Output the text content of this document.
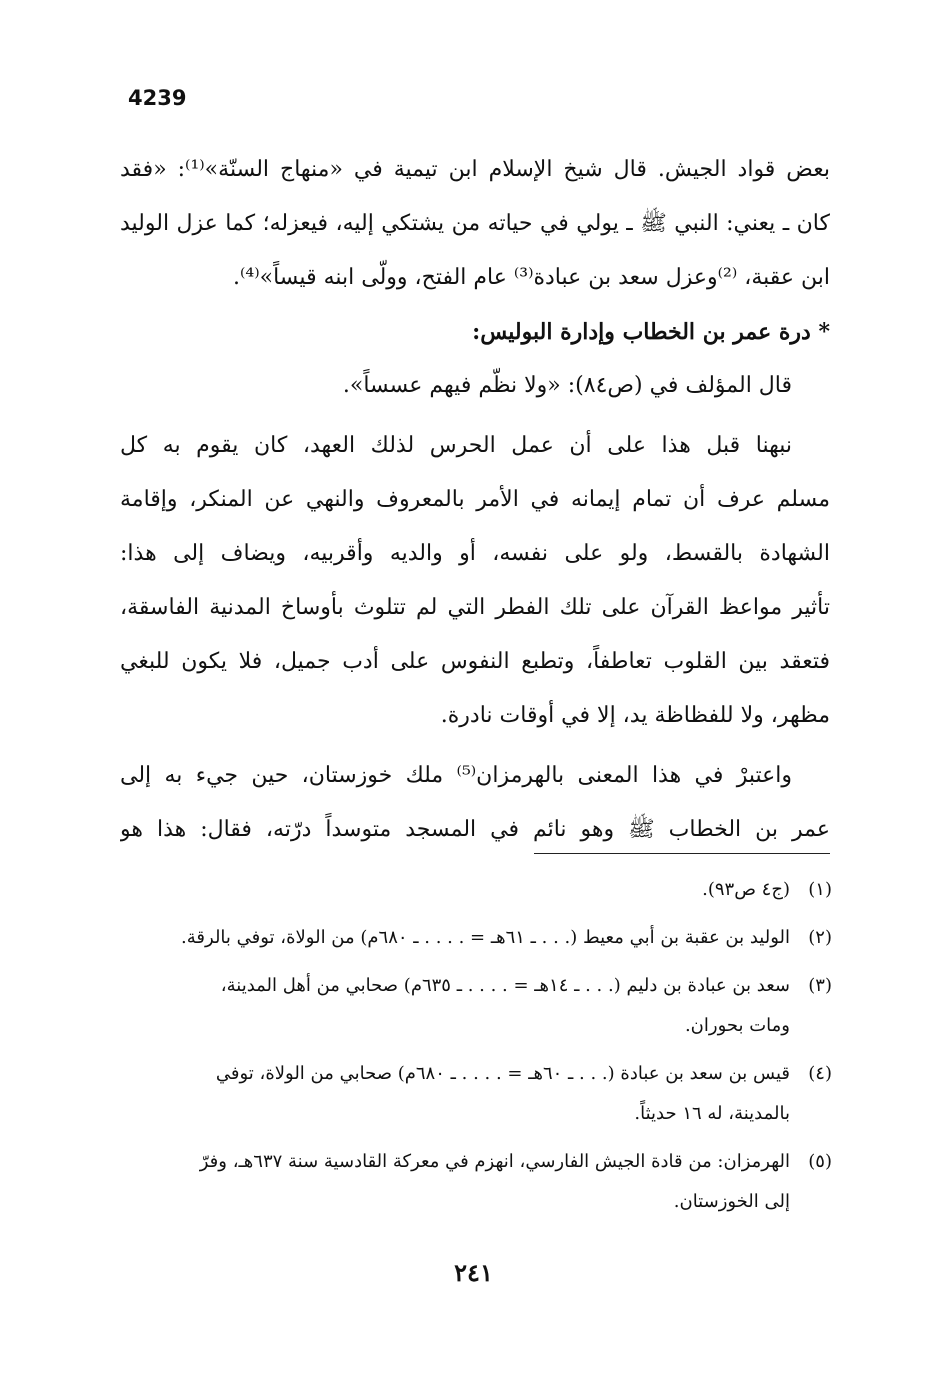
4239
بعض قواد الجيش. قال شيخ الإسلام ابن تيمية في «منهاج السنّة»⁽¹⁾: «فقد
كان ـ يعني: النبي ﷺ ـ يولي في حياته من يشتكي إليه، فيعزله؛ كما عزل الوليد
ابن عقبة، ⁽²⁾وعزل سعد بن عبادة⁽³⁾ عام الفتح، وولّى ابنه قيساً»⁽⁴⁾.
* درة عمر بن الخطاب وإدارة البوليس:
قال المؤلف في (ص٨٤): «ولا نظّم فيهم عسساً».
نبهنا قبل هذا على أن عمل الحرس لذلك العهد، كان يقوم به كل
مسلم عرف أن تمام إيمانه في الأمر بالمعروف والنهي عن المنكر، وإقامة
الشهادة بالقسط، ولو على نفسه، أو والديه وأقربيه، ويضاف إلى هذا:
تأثير مواعظ القرآن على تلك الفطر التي لم تتلوث بأوساخ المدنية الفاسقة،
فتعقد بين القلوب تعاطفاً، وتطبع النفوس على أدب جميل، فلا يكون للبغي
مظهر، ولا للفظاظة يد، إلا في أوقات نادرة.
واعتبرْ في هذا المعنى بالهرمزان⁽⁵⁾ ملك خوزستان، حين جيء به إلى
عمر بن الخطاب ﷺ وهو نائم في المسجد متوسداً درّته، فقال: هذا هو
(١)(ج٤ ص٩٣).
(٢)الوليد بن عقبة بن أبي معيط (. . . ـ ٦١هـ = . . . . ـ ٦٨٠م) من الولاة، توفي بالرقة.
(٣)سعد بن عبادة بن دليم (. . . ـ ١٤هـ = . . . . ـ ٦٣٥م) صحابي من أهل المدينة،
ومات بحوران.
(٤)قيس بن سعد بن عبادة (. . . ـ ٦٠هـ = . . . . ـ ٦٨٠م) صحابي من الولاة، توفي
بالمدينة، له ١٦ حديثاً.
(٥)الهرمزان: من قادة الجيش الفارسي، انهزم في معركة القادسية سنة ٦٣٧هـ، وفرّ
إلى الخوزستان.
٢٤١
